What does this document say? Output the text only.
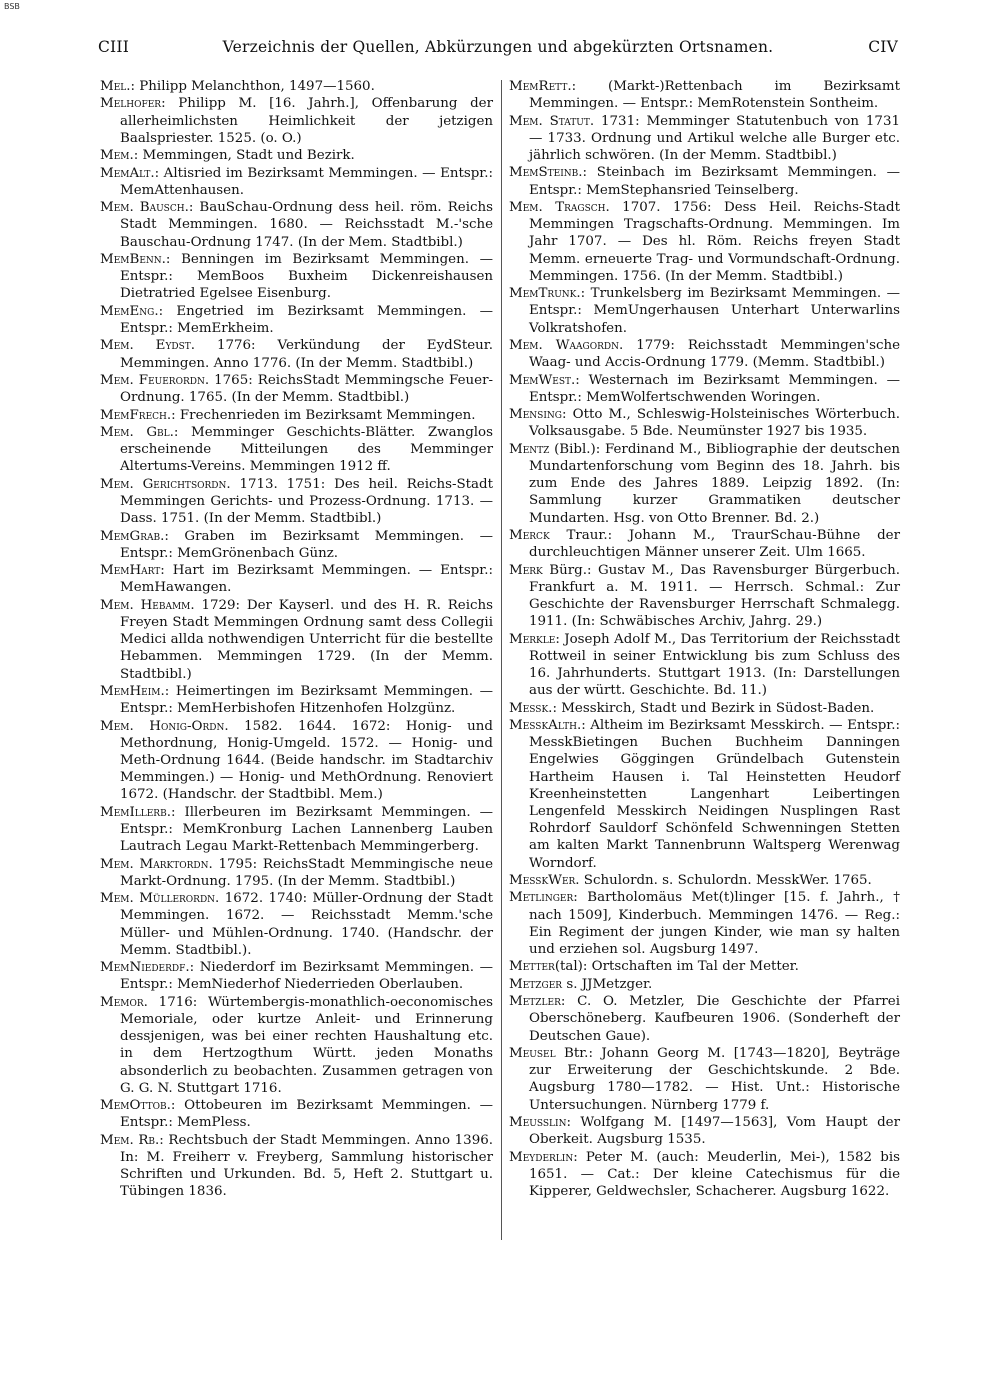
BSB
CIII	Verzeichnis der Quellen, Abkürzungen und abgekürzten Ortsnamen.	CIV

Mel.: Philipp Melanchthon, 1497—1560.

Melhofer: Philipp M. [16. Jahrh.], Offenbarung der allerheimlichsten Heimlichkeit der jetzigen Baalspriester. 1525. (o. O.)

Mem.: Memmingen, Stadt und Bezirk.

MemAlt.: Altisried im Bezirksamt Memmingen. — Entspr.: MemAttenhausen.

Mem. Bausch.: BauSchau-Ordnung dess heil. röm. Reichs Stadt Memmingen. 1680. — Reichsstadt M.-'sche Bauschau-Ordnung 1747. (In der Mem. Stadtbibl.)

MemBenn.: Benningen im Bezirksamt Memmingen. — Entspr.: MemBoos Buxheim Dickenreishausen Dietratried Egelsee Eisenburg.

MemEng.: Engetried im Bezirksamt Memmingen. — Entspr.: MemErkheim.

Mem. Eydst. 1776: Verkündung der EydSteur. Memmingen. Anno 1776. (In der Memm. Stadtbibl.)

Mem. Feuerordn. 1765: ReichsStadt Memmingsche Feuer-Ordnung. 1765. (In der Memm. Stadtbibl.)

MemFrech.: Frechenrieden im Bezirksamt Memmingen.

Mem. Gbl.: Memminger Geschichts-Blätter. Zwanglos erscheinende Mitteilungen des Memminger Altertums-Vereins. Memmingen 1912 ff.

Mem. Gerichtsordn. 1713. 1751: Des heil. Reichs-Stadt Memmingen Gerichts- und Prozess-Ordnung. 1713. — Dass. 1751. (In der Memm. Stadtbibl.)

MemGrab.: Graben im Bezirksamt Memmingen. — Entspr.: MemGrönenbach Günz.

MemHart: Hart im Bezirksamt Memmingen. — Entspr.: MemHawangen.

Mem. Hebamm. 1729: Der Kayserl. und des H. R. Reichs Freyen Stadt Memmingen Ordnung samt dess Collegii Medici allda nothwendigen Unterricht für die bestellte Hebammen. Memmingen 1729. (In der Memm. Stadtbibl.)

MemHeim.: Heimertingen im Bezirksamt Memmingen. — Entspr.: MemHerbishofen Hitzenhofen Holzgünz.

Mem. Honig-Ordn. 1582. 1644. 1672: Honig- und Methordnung, Honig-Umgeld. 1572. — Honig- und Meth-Ordnung 1644. (Beide handschr. im Stadtarchiv Memmingen.) — Honig- und MethOrdnung. Renoviert 1672. (Handschr. der Stadtbibl. Mem.)

MemIllerb.: Illerbeuren im Bezirksamt Memmingen. — Entspr.: MemKronburg Lachen Lannenberg Lauben Lautrach Legau Markt-Rettenbach Memmingerberg.

Mem. Marktordn. 1795: ReichsStadt Memmingische neue Markt-Ordnung. 1795. (In der Memm. Stadtbibl.)

Mem. Müllerordn. 1672. 1740: Müller-Ordnung der Stadt Memmingen. 1672. — Reichsstadt Memm.'sche Müller- und Mühlen-Ordnung. 1740. (Handschr. der Memm. Stadtbibl.).

MemNiederdf.: Niederdorf im Bezirksamt Memmingen. — Entspr.: MemNiederhof Niederrieden Oberlauben.

Memor. 1716: Würtembergis-monathlich-oeconomisches Memoriale, oder kurtze Anleit- und Erinnerung dessjenigen, was bei einer rechten Haushaltung etc. in dem Hertzogthum Württ. jeden Monaths absonderlich zu beobachten. Zusammen getragen von G. G. N. Stuttgart 1716.

MemOttob.: Ottobeuren im Bezirksamt Memmingen. — Entspr.: MemPless.

Mem. Rb.: Rechtsbuch der Stadt Memmingen. Anno 1396. In: M. Freiherr v. Freyberg, Sammlung historischer Schriften und Urkunden. Bd. 5, Heft 2. Stuttgart u. Tübingen 1836.

MemRett.: (Markt-)Rettenbach im Bezirksamt Memmingen. — Entspr.: MemRotenstein Sontheim.

Mem. Statut. 1731: Memminger Statutenbuch von 1731 — 1733. Ordnung und Artikul welche alle Burger etc. jährlich schwören. (In der Memm. Stadtbibl.)

MemSteinb.: Steinbach im Bezirksamt Memmingen. — Entspr.: MemStephansried Teinselberg.

Mem. Tragsch. 1707. 1756: Dess Heil. Reichs-Stadt Memmingen Tragschafts-Ordnung. Memmingen. Im Jahr 1707. — Des hl. Röm. Reichs freyen Stadt Memm. erneuerte Trag- und Vormundschaft-Ordnung. Memmingen. 1756. (In der Memm. Stadtbibl.)

MemTrunk.: Trunkelsberg im Bezirksamt Memmingen. — Entspr.: MemUngerhausen Unterhart Unterwarlins Volkratshofen.

Mem. Waagordn. 1779: Reichsstadt Memmingen'sche Waag- und Accis-Ordnung 1779. (Memm. Stadtbibl.)

MemWest.: Westernach im Bezirksamt Memmingen. — Entspr.: MemWolfertschwenden Woringen.

Mensing: Otto M., Schleswig-Holsteinisches Wörterbuch. Volksausgabe. 5 Bde. Neumünster 1927 bis 1935.

Mentz (Bibl.): Ferdinand M., Bibliographie der deutschen Mundartenforschung vom Beginn des 18. Jahrh. bis zum Ende des Jahres 1889. Leipzig 1892. (In: Sammlung kurzer Grammatiken deutscher Mundarten. Hsg. von Otto Brenner. Bd. 2.)

Merck Traur.: Johann M., TraurSchau-Bühne der durchleuchtigen Männer unserer Zeit. Ulm 1665.

Merk Bürg.: Gustav M., Das Ravensburger Bürgerbuch. Frankfurt a. M. 1911. — Herrsch. Schmal.: Zur Geschichte der Ravensburger Herrschaft Schmalegg. 1911. (In: Schwäbisches Archiv, Jahrg. 29.)

Merkle: Joseph Adolf M., Das Territorium der Reichsstadt Rottweil in seiner Entwicklung bis zum Schluss des 16. Jahrhunderts. Stuttgart 1913. (In: Darstellungen aus der württ. Geschichte. Bd. 11.)

Messk.: Messkirch, Stadt und Bezirk in Südost-Baden.

MesskAlth.: Altheim im Bezirksamt Messkirch. — Entspr.: MesskBietingen Buchen Buchheim Danningen Engelwies Göggingen Gründelbach Gutenstein Hartheim Hausen i. Tal Heinstetten Heudorf Kreenheinstetten Langenhart Leibertingen Lengenfeld Messkirch Neidingen Nusplingen Rast Rohrdorf Sauldorf Schönfeld Schwenningen Stetten am kalten Markt Tannenbrunn Waltsperg Werenwag Worndorf.

MesskWer. Schulordn. s. Schulordn. MesskWer. 1765.

Metlinger: Bartholomäus Met(t)linger [15. f. Jahrh., † nach 1509], Kinderbuch. Memmingen 1476. — Reg.: Ein Regiment der jungen Kinder, wie man sy halten und erziehen sol. Augsburg 1497.

Metter(tal): Ortschaften im Tal der Metter.

Metzger s. JJMetzger.

Metzler: C. O. Metzler, Die Geschichte der Pfarrei Oberschöneberg. Kaufbeuren 1906. (Sonderheft der Deutschen Gaue).

Meusel Btr.: Johann Georg M. [1743—1820], Beyträge zur Erweiterung der Geschichtskunde. 2 Bde. Augsburg 1780—1782. — Hist. Unt.: Historische Untersuchungen. Nürnberg 1779 f.

Meusslin: Wolfgang M. [1497—1563], Vom Haupt der Oberkeit. Augsburg 1535.

Meyderlin: Peter M. (auch: Meuderlin, Mei-), 1582 bis 1651. — Cat.: Der kleine Catechismus für die Kipperer, Geldwechsler, Schacherer. Augsburg 1622.
